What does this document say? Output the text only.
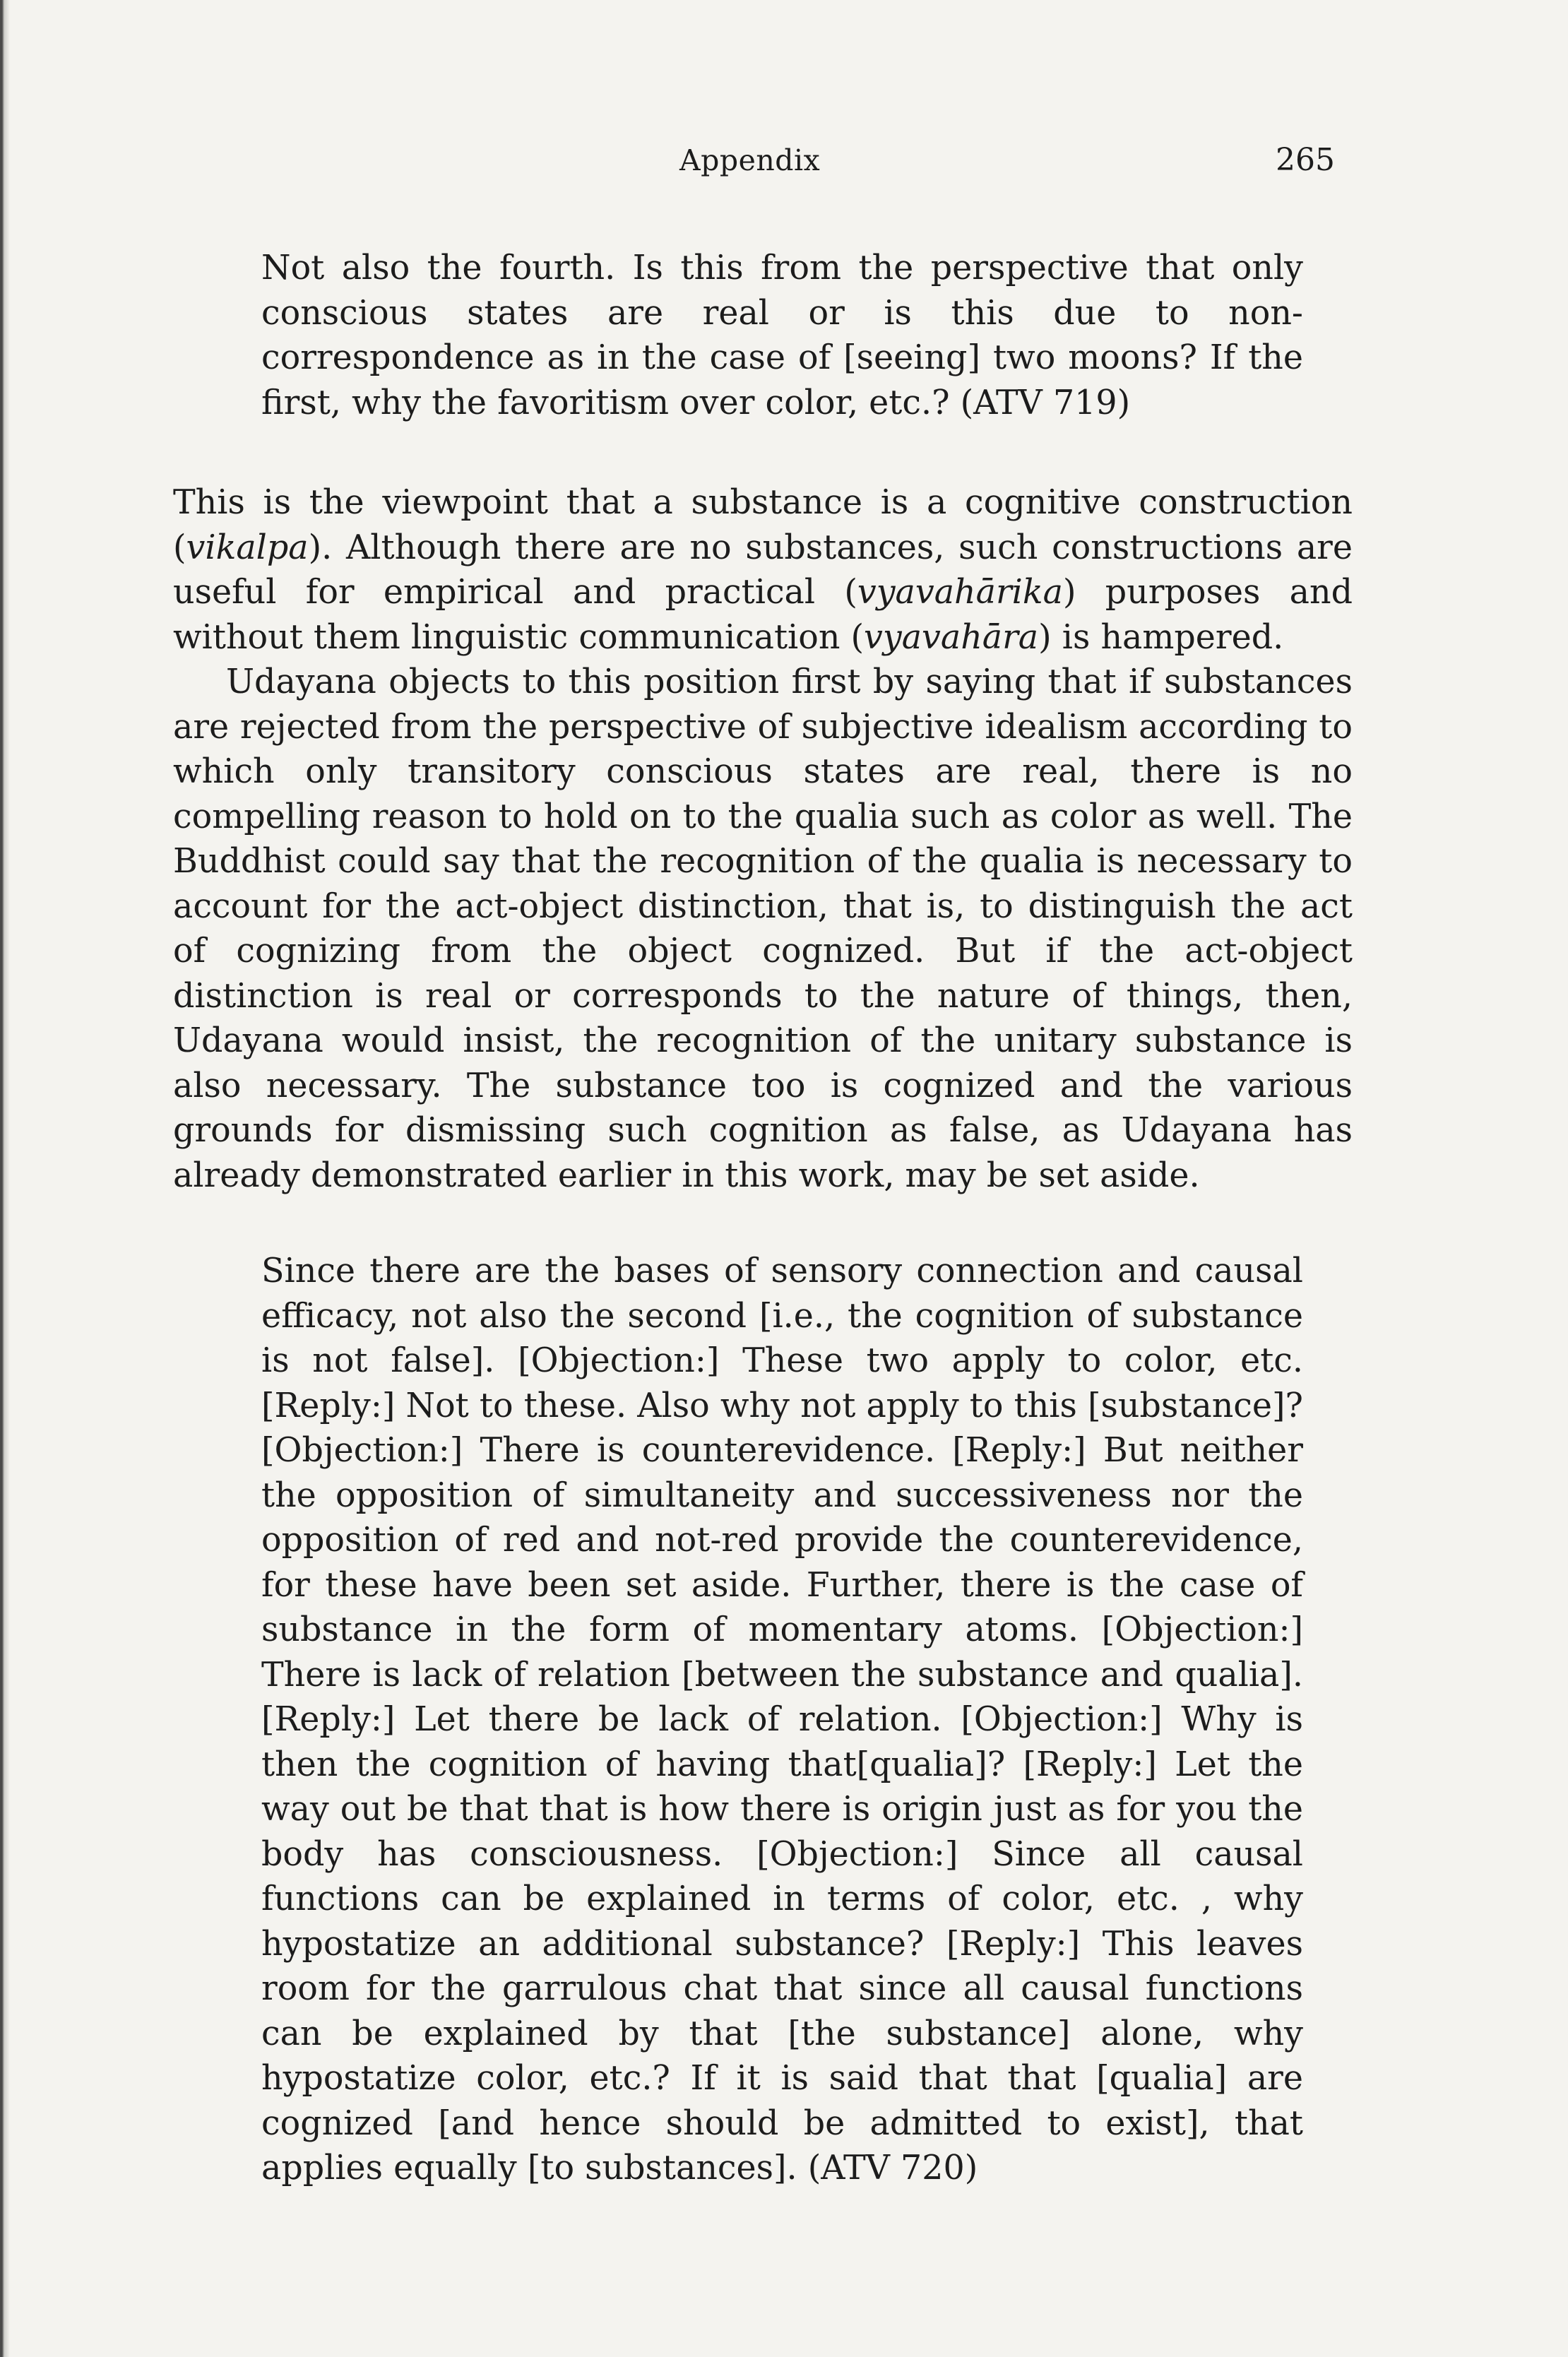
Appendix	265

Not also the fourth. Is this from the perspective that only conscious states are real or is this due to non-correspondence as in the case of [seeing] two moons? If the first, why the favoritism over color, etc.? (ATV 719)

This is the viewpoint that a substance is a cognitive construction (vikalpa). Although there are no substances, such constructions are useful for empirical and practical (vyavahārika) purposes and without them linguistic communication (vyavahāra) is hampered.

Udayana objects to this position first by saying that if substances are rejected from the perspective of subjective idealism according to which only transitory conscious states are real, there is no compelling reason to hold on to the qualia such as color as well. The Buddhist could say that the recognition of the qualia is necessary to account for the act-object distinction, that is, to distinguish the act of cognizing from the object cognized. But if the act-object distinction is real or corresponds to the nature of things, then, Udayana would insist, the recognition of the unitary substance is also necessary. The substance too is cognized and the various grounds for dismissing such cognition as false, as Udayana has already demonstrated earlier in this work, may be set aside.

Since there are the bases of sensory connection and causal efficacy, not also the second [i.e., the cognition of substance is not false]. [Objection:] These two apply to color, etc. [Reply:] Not to these. Also why not apply to this [substance]? [Objection:] There is counterevidence. [Reply:] But neither the opposition of simultaneity and successiveness nor the opposition of red and not-red provide the counterevidence, for these have been set aside. Further, there is the case of substance in the form of momentary atoms. [Objection:] There is lack of relation [between the substance and qualia]. [Reply:] Let there be lack of relation. [Objection:] Why is then the cognition of having that[qualia]? [Reply:] Let the way out be that that is how there is origin just as for you the body has consciousness. [Objection:] Since all causal functions can be explained in terms of color, etc. , why hypostatize an additional substance? [Reply:] This leaves room for the garrulous chat that since all causal functions can be explained by that [the substance] alone, why hypostatize color, etc.? If it is said that that [qualia] are cognized [and hence should be admitted to exist], that applies equally [to substances]. (ATV 720)
